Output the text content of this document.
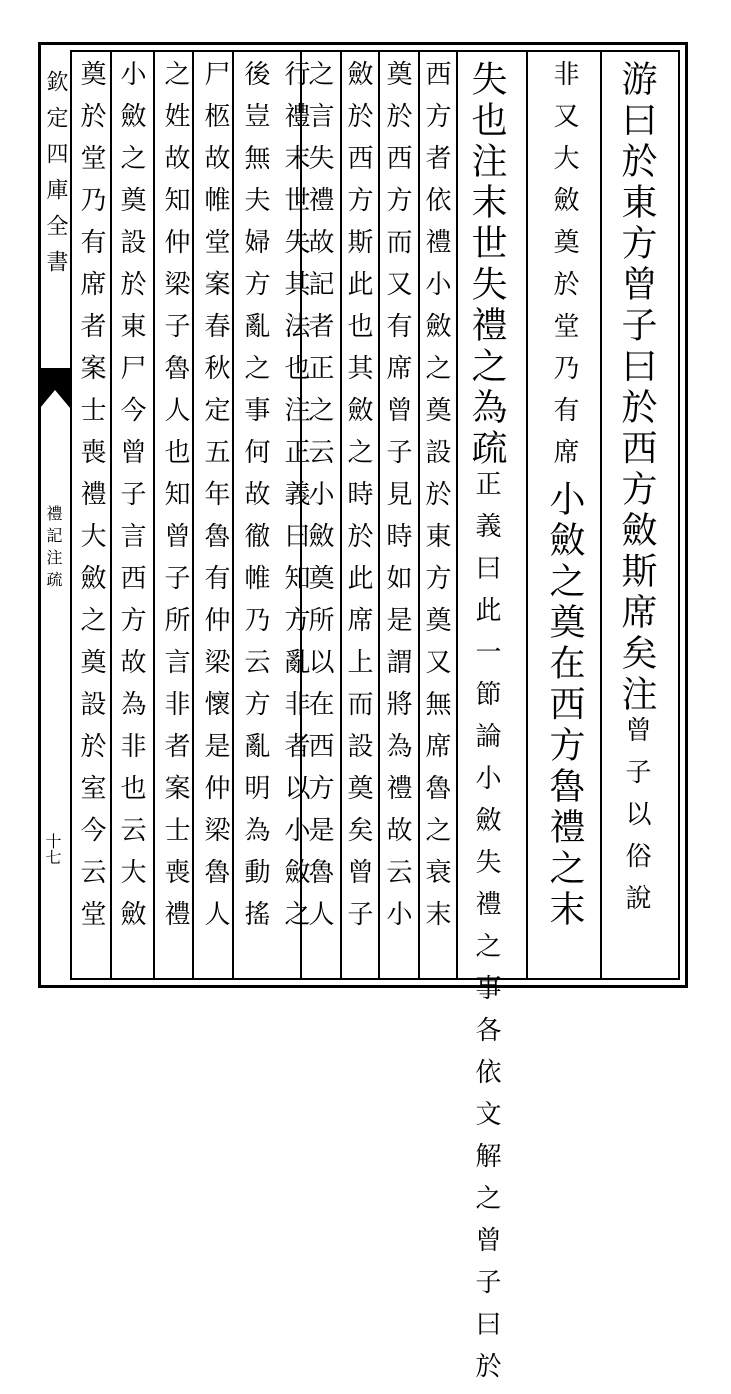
欽定四庫全書
禮記注疏
十七
游曰於東方曾子曰於西方斂斯席矣注曾子以俗說
非又大斂奠於堂乃有席小斂之奠在西方魯禮之末
失也注末世失禮之為疏正義曰此一節論小斂失禮之事各依文解之曾子曰於
西方者依禮小斂之奠設於東方奠又無席魯之衰末
奠於西方而又有席曾子見時如是謂將為禮故云小
斂於西方斯此也其斂之時於此席上而設奠矣曾子
之言失禮故記者正之云小斂奠所以在西方是魯人
行禮末世失其法也注正義曰知方亂非者以小斂之
後豈無夫婦方亂之事何故徹帷乃云方亂明為動搖
尸柩故帷堂案春秋定五年魯有仲梁懷是仲梁魯人
之姓故知仲梁子魯人也知曾子所言非者案士喪禮
小斂之奠設於東尸今曾子言西方故為非也云大斂
奠於堂乃有席者案士喪禮大斂之奠設於室今云堂
